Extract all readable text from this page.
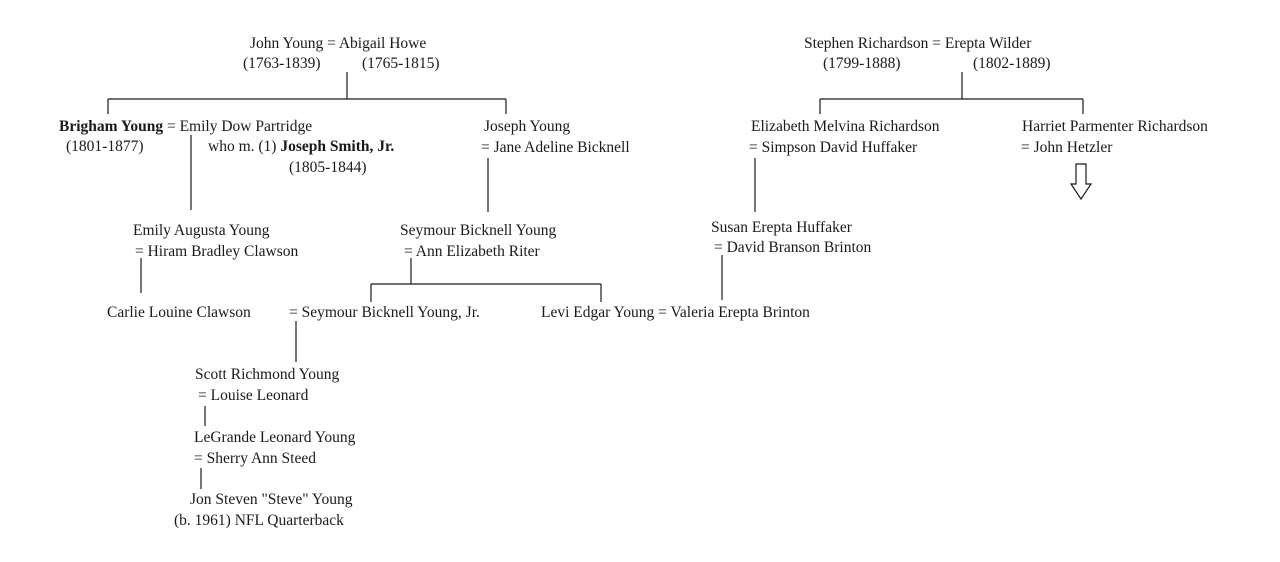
John Young = Abigail Howe
(1763-1839)	(1765-1815)
Stephen Richardson = Erepta Wilder
(1799-1888)	(1802-1889)
Brigham Young = Emily Dow Partridge
(1801-1877)	who m. (1) Joseph Smith, Jr.
(1805-1844)
Joseph Young
= Jane Adeline Bicknell
Elizabeth Melvina Richardson
= Simpson David Huffaker
Harriet Parmenter Richardson
= John Hetzler
Emily Augusta Young
= Hiram Bradley Clawson
Seymour Bicknell Young
= Ann Elizabeth Riter
Susan Erepta Huffaker
= David Branson Brinton
Carlie Louine Clawson = Seymour Bicknell Young, Jr.	Levi Edgar Young = Valeria Erepta Brinton
Scott Richmond Young
= Louise Leonard
LeGrande Leonard Young
= Sherry Ann Steed
Jon Steven "Steve" Young
(b. 1961) NFL Quarterback
